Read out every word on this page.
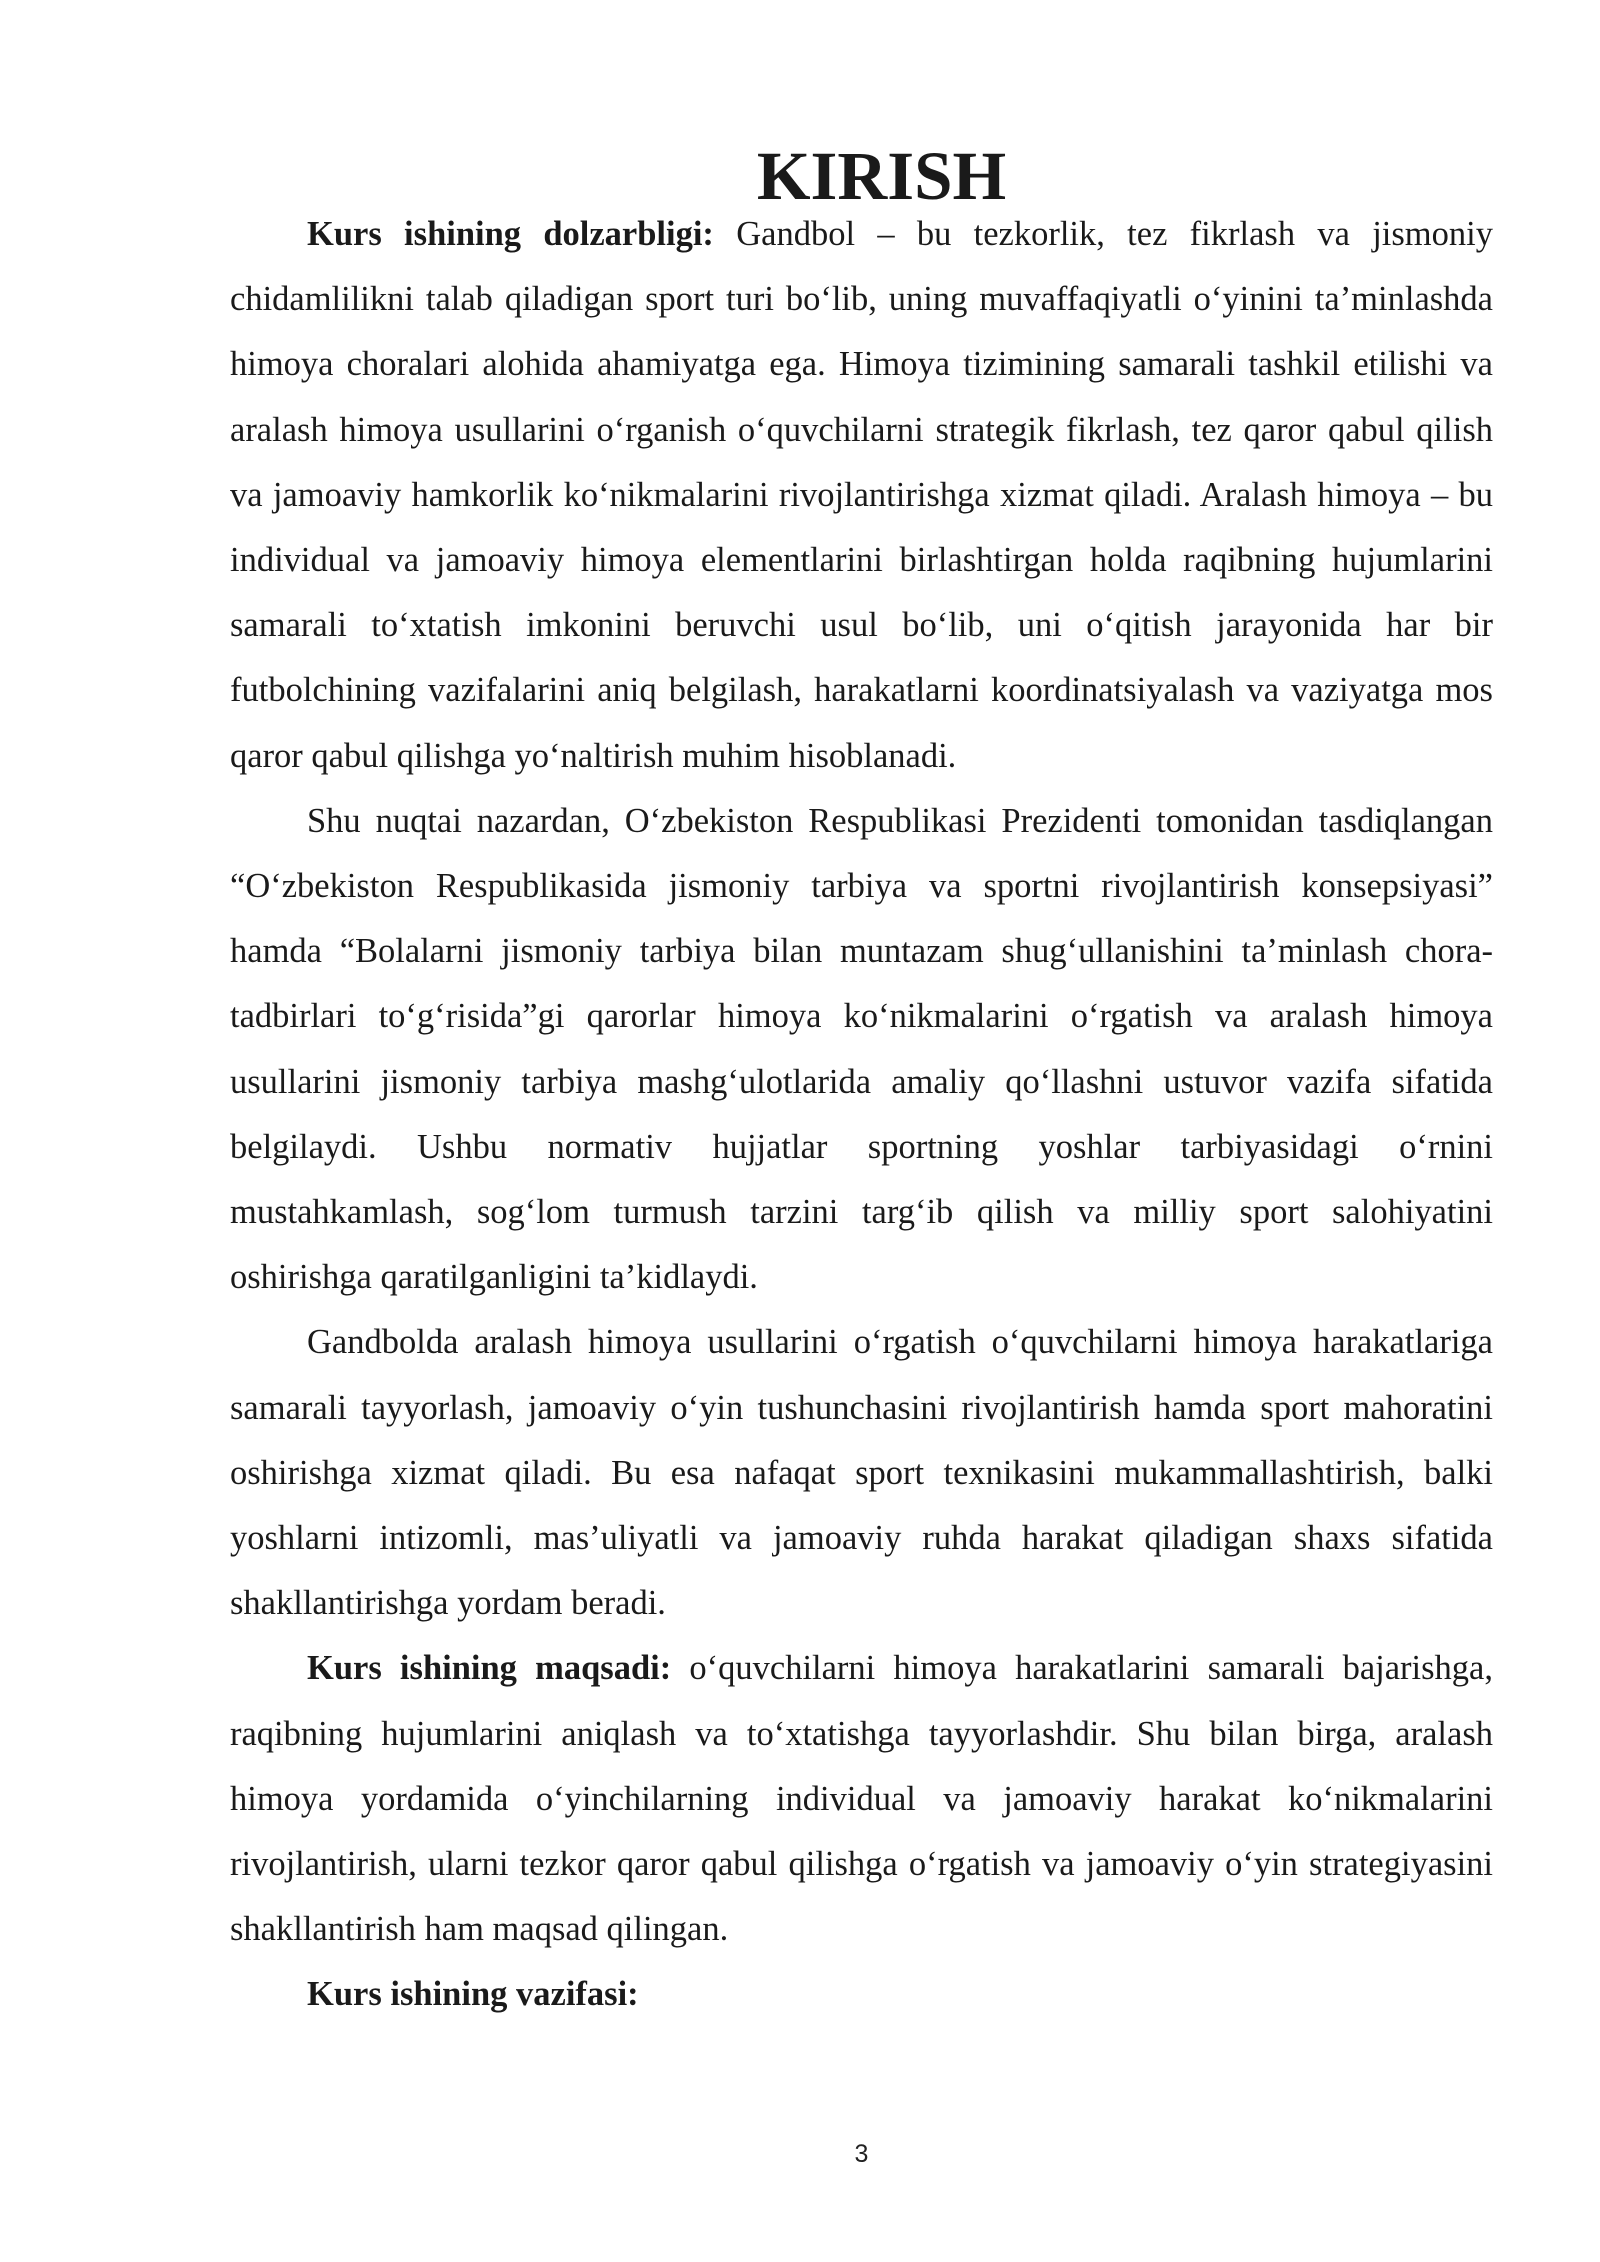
KIRISH

Kurs ishining dolzarbligi: Gandbol – bu tezkorlik, tez fikrlash va jismoniy chidamlilikni talab qiladigan sport turi bo‘lib, uning muvaffaqiyatli o‘yinini ta’minlashda himoya choralari alohida ahamiyatga ega. Himoya tizimining samarali tashkil etilishi va aralash himoya usullarini o‘rganish o‘quvchilarni strategik fikrlash, tez qaror qabul qilish va jamoaviy hamkorlik ko‘nikmalarini rivojlantirishga xizmat qiladi. Aralash himoya – bu individual va jamoaviy himoya elementlarini birlashtirgan holda raqibning hujumlarini samarali to‘xtatish imkonini beruvchi usul bo‘lib, uni o‘qitish jarayonida har bir futbolchining vazifalarini aniq belgilash, harakatlarni koordinatsiyalash va vaziyatga mos qaror qabul qilishga yo‘naltirish muhim hisoblanadi.

Shu nuqtai nazardan, O‘zbekiston Respublikasi Prezidenti tomonidan tasdiqlangan “O‘zbekiston Respublikasida jismoniy tarbiya va sportni rivojlantirish konsepsiyasi” hamda “Bolalarni jismoniy tarbiya bilan muntazam shug‘ullanishini ta’minlash chora-tadbirlari to‘g‘risida”gi qarorlar himoya ko‘nikmalarini o‘rgatish va aralash himoya usullarini jismoniy tarbiya mashg‘ulotlarida amaliy qo‘llashni ustuvor vazifa sifatida belgilaydi. Ushbu normativ hujjatlar sportning yoshlar tarbiyasidagi o‘rnini mustahkamlash, sog‘lom turmush tarzini targ‘ib qilish va milliy sport salohiyatini oshirishga qaratilganligini ta’kidlaydi.

Gandbolda aralash himoya usullarini o‘rgatish o‘quvchilarni himoya harakatlariga samarali tayyorlash, jamoaviy o‘yin tushunchasini rivojlantirish hamda sport mahoratini oshirishga xizmat qiladi. Bu esa nafaqat sport texnikasini mukammallashtirish, balki yoshlarni intizomli, mas’uliyatli va jamoaviy ruhda harakat qiladigan shaxs sifatida shakllantirishga yordam beradi.

Kurs ishining maqsadi: o‘quvchilarni himoya harakatlarini samarali bajarishga, raqibning hujumlarini aniqlash va to‘xtatishga tayyorlashdir. Shu bilan birga, aralash himoya yordamida o‘yinchilarning individual va jamoaviy harakat ko‘nikmalarini rivojlantirish, ularni tezkor qaror qabul qilishga o‘rgatish va jamoaviy o‘yin strategiyasini shakllantirish ham maqsad qilingan.

Kurs ishining vazifasi:

3
